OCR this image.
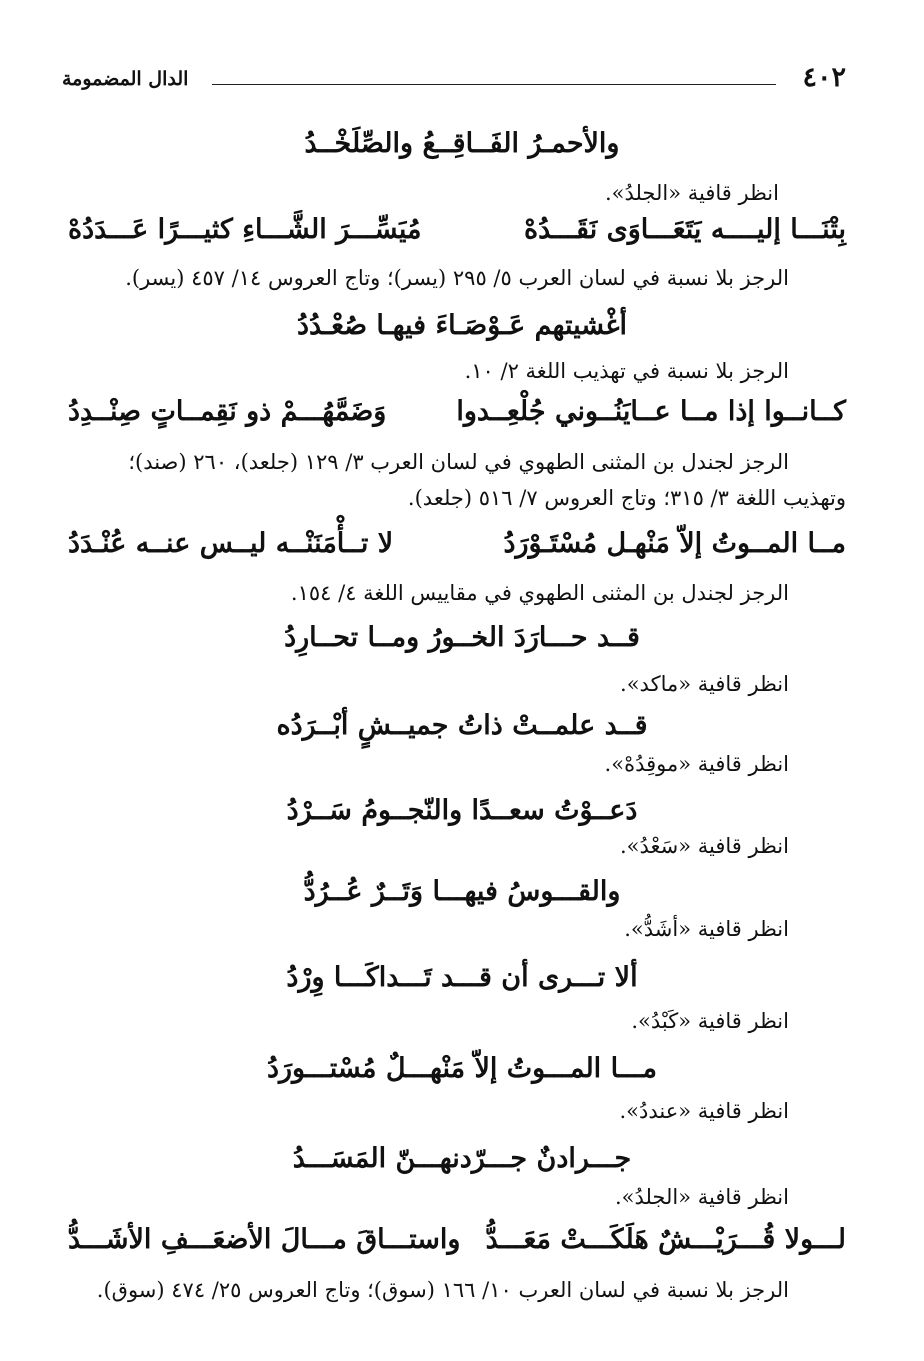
٤٠٢
الدال المضمومة
والأحمـرُ الفَــاقِــعُ والصِّلَخْــدُ
انظر قافية «الجلدُ».
بِتْنَـــا إليــــه يَتَعَـــاوَى نَقَـــدُهْ
مُيَسِّـــرَ الشَّـــاءِ كثيـــرًا عَـــدَدُهْ
الرجز بلا نسبة في لسان العرب ٥/ ٢٩٥ (يسر)؛ وتاج العروس ١٤/ ٤٥٧ (يسر).
أغْشيتهم عَـوْصَـاءَ فيهـا صُعْـدُدُ
الرجز بلا نسبة في تهذيب اللغة ٢/ ١٠.
كــانــوا إذا مــا عــايَنُــوني جُلْعِــدوا
وَضَمَّهُـــمْ ذو نَقِمــاتٍ صِنْــدِدُ
الرجز لجندل بن المثنى الطهوي في لسان العرب ٣/ ١٢٩ (جلعد)، ٢٦٠ (صند)؛
وتهذيب اللغة ٣/ ٣١٥؛ وتاج العروس ٧/ ٥١٦ (جلعد).
مــا المــوتُ إلاّ مَنْهـل مُسْتَـوْرَدُ
لا تــأْمَنَنْــه ليــس عنــه عُنْـدَدُ
الرجز لجندل بن المثنى الطهوي في مقاييس اللغة ٤/ ١٥٤.
قــد حـــارَدَ الخــورُ ومــا تحــارِدُ
انظر قافية «ماكد».
قــد علمــتْ ذاتُ جميــشٍ أبْــرَدُه
انظر قافية «موقِدُهْ».
دَعــوْتُ سعــدًا والنّجــومُ سَــرْدُ
انظر قافية «سَعْدُ».
والقـــوسُ فيهـــا وَتَــرٌ عُــرُدُّ
انظر قافية «أشَدُّ».
ألا تـــرى أن قـــد تَـــداكَـــا وِرْدُ
انظر قافية «كَبْدُ».
مـــا المـــوتُ إلاّ مَنْهـــلٌ مُسْتـــورَدُ
انظر قافية «عنددُ».
جـــرادنٌ جـــرّدنهـــنّ المَسَـــدُ
انظر قافية «الجلدُ».
لـــولا قُـــرَيْـــشٌ هَلَكَـــتْ مَعَـــدُّ
واستـــاقَ مـــالَ الأضعَـــفِ الأشَـــدُّ
الرجز بلا نسبة في لسان العرب ١٠/ ١٦٦ (سوق)؛ وتاج العروس ٢٥/ ٤٧٤ (سوق).
